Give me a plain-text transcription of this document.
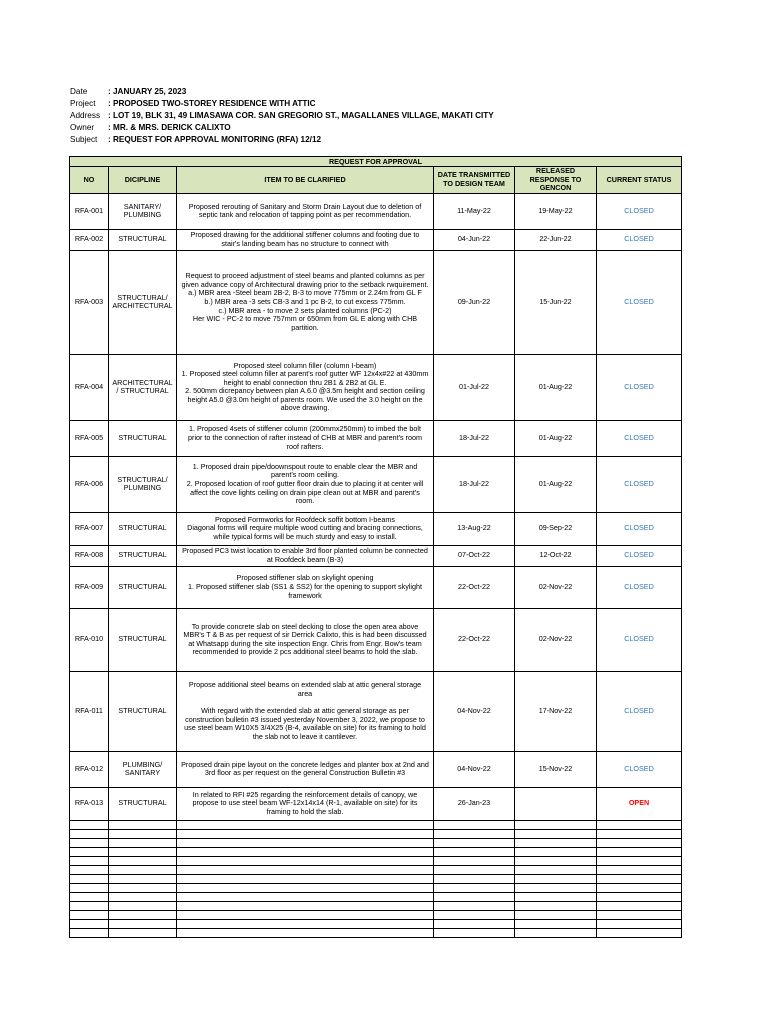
Date	: JANUARY 25, 2023
Project	: PROPOSED TWO-STOREY RESIDENCE WITH ATTIC
Address : LOT 19, BLK 31, 49 LIMASAWA COR. SAN GREGORIO ST., MAGALLANES VILLAGE, MAKATI CITY
Owner	: MR. & MRS. DERICK CALIXTO
Subject	: REQUEST FOR APPROVAL MONITORING (RFA) 12/12
REQUEST FOR APPROVAL					
NO	DICIPLINE	ITEM TO BE CLARIFIED	DATE TRANSMITTED TO DESIGN TEAM	RELEASED RESPONSE TO GENCON	CURRENT STATUS
RFA-001	SANITARY/ PLUMBING	Proposed rerouting of Sanitary and Storm Drain Layout due to deletion of septic tank and relocation of tapping point as per recommendation.	11-May-22	19-May-22	CLOSED
RFA-002	STRUCTURAL	Proposed drawing for the additional stiffener columns and footing due to stair's landing beam has no structure to connect with	04-Jun-22	22-Jun-22	CLOSED
RFA-003	STRUCTURAL/ ARCHITECTURAL	Request to proceed adjustment of steel beams and planted columns as per given advance copy of Architectural drawing prior to the setback rwquirement.
a.) MBR area -Steel beam 2B-2, B-3 to move 775mm or 2.24m from GL F
b.) MBR area -3 sets CB-3 and 1 pc B-2, to cut excess 775mm.
c.) MBR area - to move 2 sets planted columns (PC-2)
Her WIC - PC-2 to move 757mm or 650mm from GL E along with CHB partition.	09-Jun-22	15-Jun-22	CLOSED
RFA-004	ARCHITECTURAL / STRUCTURAL	Proposed steel column filler (column I-beam)
1. Proposed steel column filler at parent's roof gutter WF 12x4x#22 at 430mm height to enabl connection thru 2B1 & 2B2 at GL E.
2. 500mm dicrepancy between plan A.6.0 @3.5m height and section ceiling height A5.0 @3.0m height of parents room. We used the 3.0 height on the above drawing.	01-Jul-22	01-Aug-22	CLOSED
RFA-005	STRUCTURAL	1. Proposed 4sets of stiffener column (200mmx250mm) to imbed the bolt prior to the connection of rafter instead of CHB at MBR and parent's room roof rafters.	18-Jul-22	01-Aug-22	CLOSED
RFA-006	STRUCTURAL/ PLUMBING	1. Proposed drain pipe/doownspout route to enable clear the MBR and parent's room ceiling.
2. Proposed location of roof gutter floor drain due to placing it at center will affect the cove lights ceiling on drain pipe clean out at MBR and parent's room.	18-Jul-22	01-Aug-22	CLOSED
RFA-007	STRUCTURAL	Proposed Formworks for Roofdeck soffit bottom I-beams
Diagonal forms will require multiple wood cutting and bracing connections, while typical forms will be much sturdy and easy to install.	13-Aug-22	09-Sep-22	CLOSED
RFA-008	STRUCTURAL	Proposed PC3 twist location to enable 3rd floor planted column be connected at Roofdeck beam (B-3)	07-Oct-22	12-Oct-22	CLOSED
RFA-009	STRUCTURAL	Proposed stiffener slab on skylight opening
1. Proposed stiffener slab (SS1 & SS2) for the opening to support skylight framework	22-Oct-22	02-Nov-22	CLOSED
RFA-010	STRUCTURAL	To provide concrete slab on steel decking to close the open area above MBR's T & B as per request of sir Derrick Calixto, this is had been discussed at Whatsapp during the site inspection Engr. Chris from Engr. Bow's team recommended to provide 2 pcs additional steel beams to hold the slab.	22-Oct-22	02-Nov-22	CLOSED
RFA-011	STRUCTURAL	Propose additional steel beams on extended slab at attic general storage area

With regard with the extended slab at attic general storage as per construction bulletin #3 issued yesterday November 3, 2022, we propose to use steel beam W10X5 3/4X25 (B-4, available on site) for its framing to hold the slab not to leave it cantilever.	04-Nov-22	17-Nov-22	CLOSED
RFA-012	PLUMBING/ SANITARY	Proposed drain pipe layout on the concrete ledges and planter box at 2nd and 3rd floor as per request on the general Construction Bulletin #3	04-Nov-22	15-Nov-22	CLOSED
RFA-013	STRUCTURAL	In related to RFI #25 regarding the reinforcement details of canopy, we propose to use steel beam WF-12x14x14 (R-1, available on site) for its framing to hold the slab.	26-Jan-23		OPEN
